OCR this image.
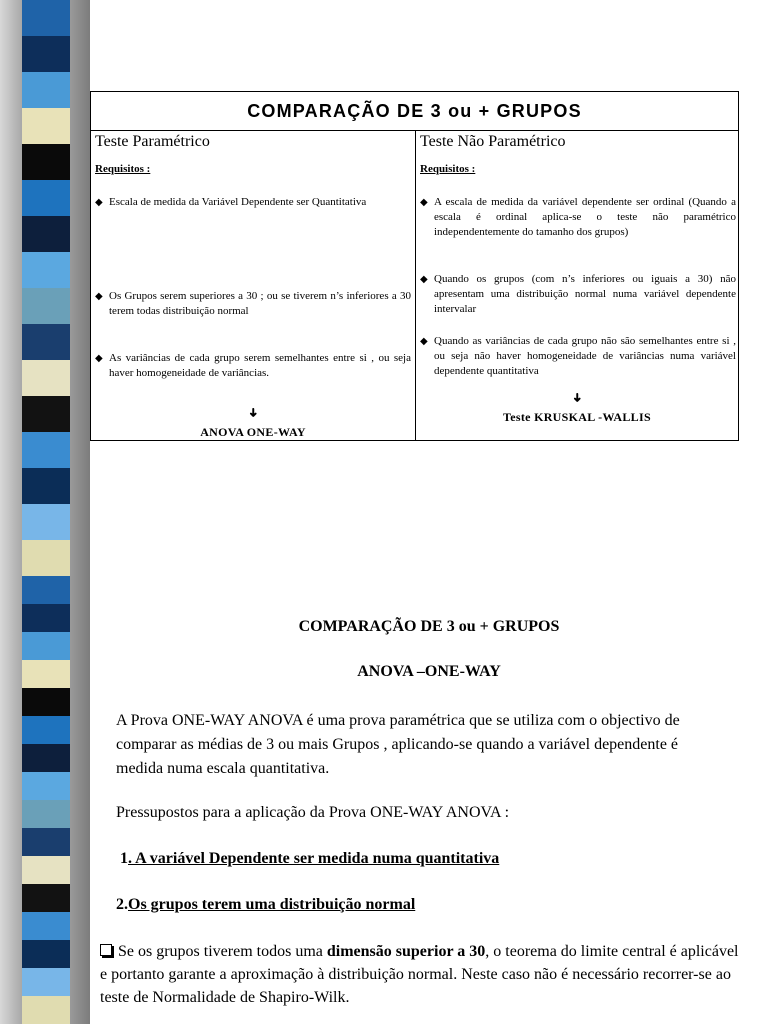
COMPARAÇÃO DE 3 ou + GRUPOS
Teste Paramétrico
Requisitos :
◆ Escala de medida da Variável Dependente ser Quantitativa
◆ Os Grupos serem superiores a 30 ; ou se tiverem n’s inferiores a 30 terem todas distribuição normal
◆ As variâncias de cada grupo serem semelhantes entre si , ou seja haver homogeneidade de variâncias.
➜
ANOVA ONE-WAY
Teste Não Paramétrico
Requisitos :
◆ A escala de medida da variável dependente ser ordinal (Quando a escala é ordinal aplica-se o teste não paramétrico independentemente do tamanho dos grupos)
◆ Quando os grupos (com n’s inferiores ou iguais a 30) não apresentam uma distribuição normal numa variável dependente intervalar
◆ Quando as variâncias de cada grupo não são semelhantes entre si , ou seja não haver homogeneidade de variâncias numa variável dependente quantitativa
➜
Teste KRUSKAL -WALLIS
COMPARAÇÃO DE 3 ou + GRUPOS
ANOVA –ONE-WAY
A Prova ONE-WAY ANOVA é uma prova paramétrica que se utiliza com o objectivo de comparar as médias de 3 ou mais Grupos , aplicando-se quando a variável dependente é medida numa escala quantitativa.
Pressupostos para a aplicação da Prova ONE-WAY ANOVA :
1. A variável Dependente ser medida numa quantitativa
2.Os grupos terem uma distribuição normal
Se os grupos tiverem todos uma dimensão superior a 30, o teorema do limite central é aplicável e portanto garante a aproximação à distribuição normal. Neste caso não é necessário recorrer-se ao teste de Normalidade de Shapiro-Wilk.
